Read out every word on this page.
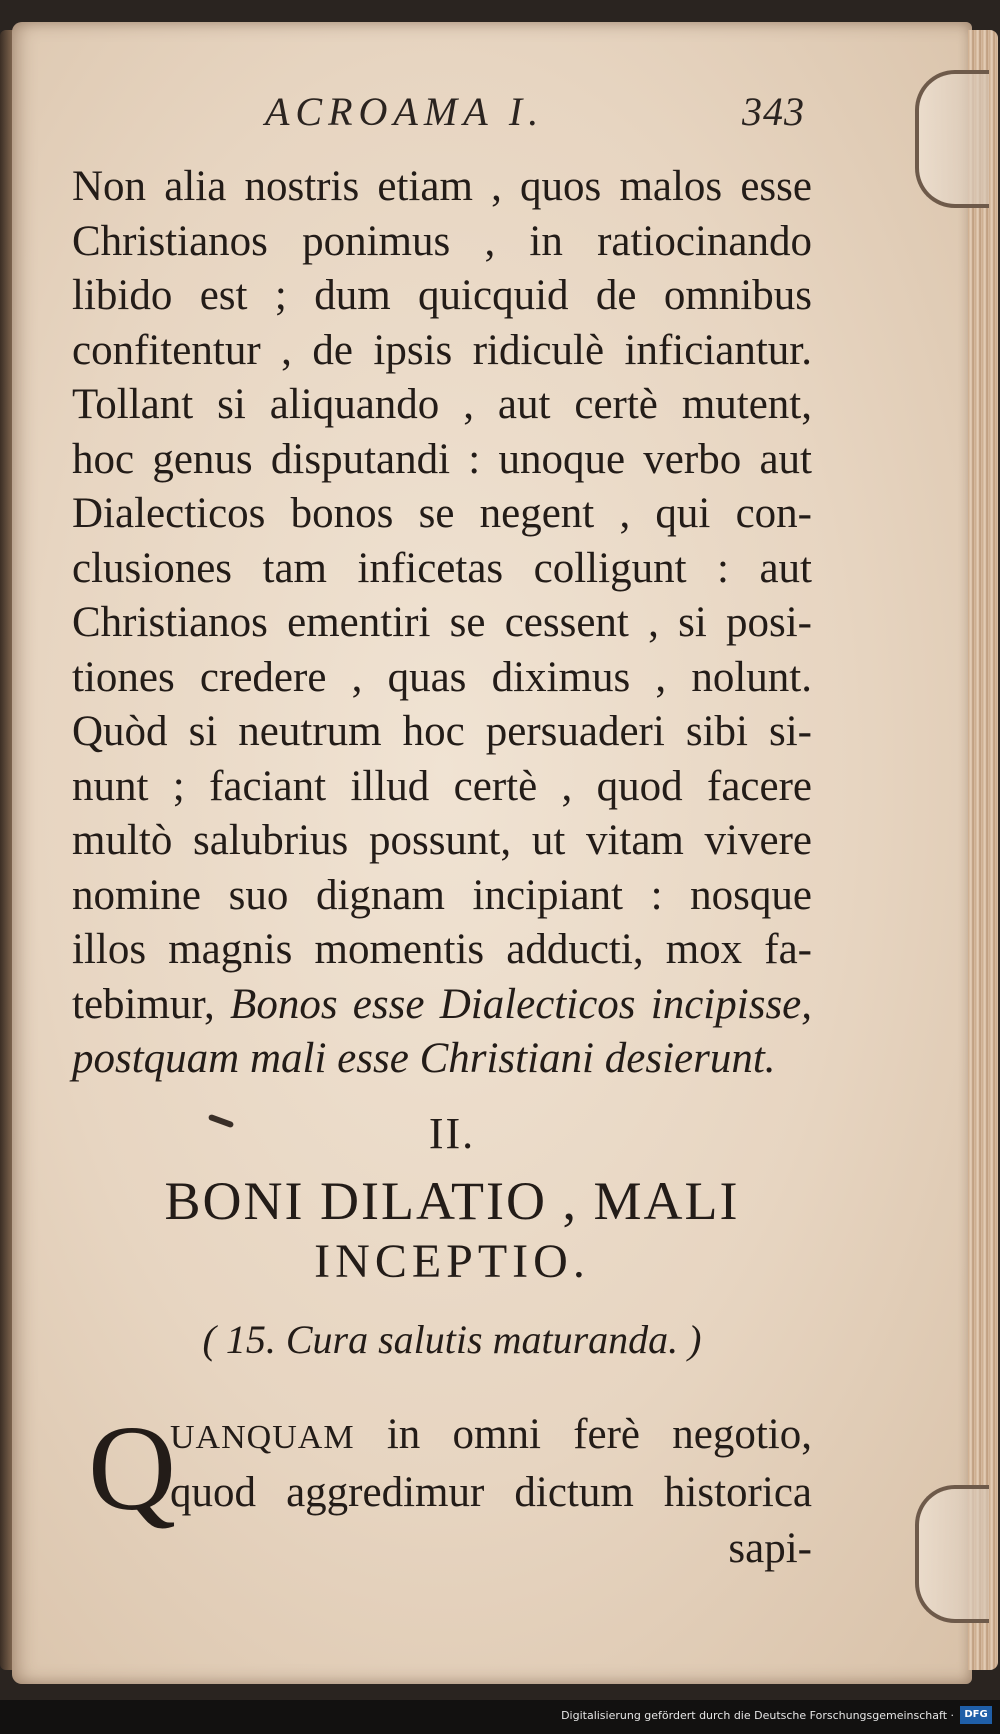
ACROAMA I.	343
Non alia nostris etiam , quos malos esse
Christianos ponimus , in ratiocinando
libido est ; dum quicquid de omnibus
confitentur , de ipsis ridiculè inficiantur.
Tollant si aliquando , aut certè mutent,
hoc genus disputandi : unoque verbo aut
Dialecticos bonos se negent , qui con-
clusiones tam inficetas colligunt : aut
Christianos ementiri se cessent , si posi-
tiones credere , quas diximus , nolunt.
Quòd si neutrum hoc persuaderi sibi si-
nunt ; faciant illud certè , quod facere
multò salubrius possunt, ut vitam vivere
nomine suo dignam incipiant : nosque
illos magnis momentis adducti, mox fa-
tebimur, Bonos esse Dialecticos incipisse,
postquam mali esse Christiani desierunt.
II.
BONI DILATIO , MALI
INCEPTIO.
( 15. Cura salutis maturanda. )
Q
UANQUAM in omni ferè negotio,
quod aggredimur dictum historica
sapi-
Digitalisierung gefördert durch die Deutsche Forschungsgemeinschaft ·	DFG
